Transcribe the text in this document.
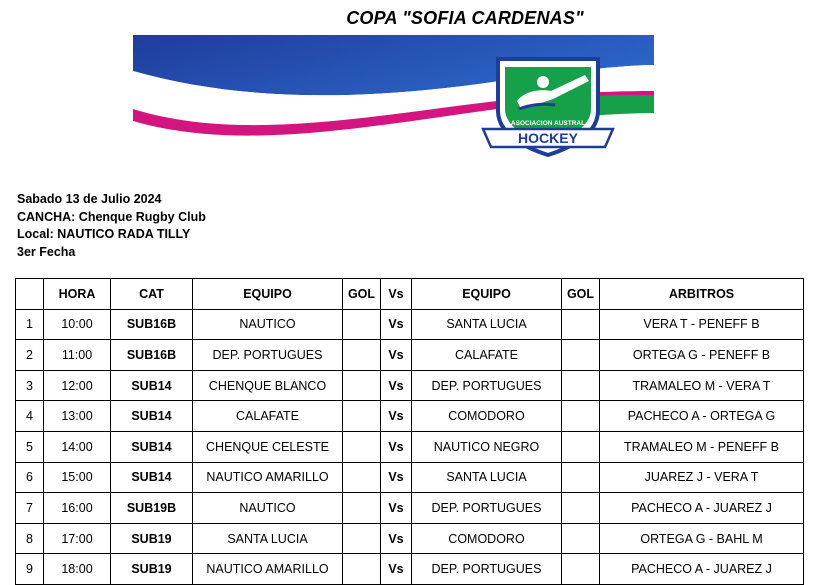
COPA "SOFIA CARDENAS"
ASOCIACION AUSTRAL
HOCKEY
Sabado 13 de Julio 2024
CANCHA: Chenque Rugby Club
Local: NAUTICO RADA TILLY
3er Fecha
	HORA	CAT	EQUIPO	GOL	Vs	EQUIPO	GOL	ARBITROS
1	10:00	SUB16B	NAUTICO		Vs	SANTA LUCIA		VERA T - PENEFF B
2	11:00	SUB16B	DEP. PORTUGUES		Vs	CALAFATE		ORTEGA G - PENEFF B
3	12:00	SUB14	CHENQUE BLANCO		Vs	DEP. PORTUGUES		TRAMALEO M - VERA T
4	13:00	SUB14	CALAFATE		Vs	COMODORO		PACHECO A - ORTEGA G
5	14:00	SUB14	CHENQUE CELESTE		Vs	NAUTICO NEGRO		TRAMALEO M - PENEFF B
6	15:00	SUB14	NAUTICO AMARILLO		Vs	SANTA LUCIA		JUAREZ J - VERA T
7	16:00	SUB19B	NAUTICO		Vs	DEP. PORTUGUES		PACHECO A - JUAREZ J
8	17:00	SUB19	SANTA LUCIA		Vs	COMODORO		ORTEGA G - BAHL M
9	18:00	SUB19	NAUTICO AMARILLO		Vs	DEP. PORTUGUES		PACHECO A - JUAREZ J
